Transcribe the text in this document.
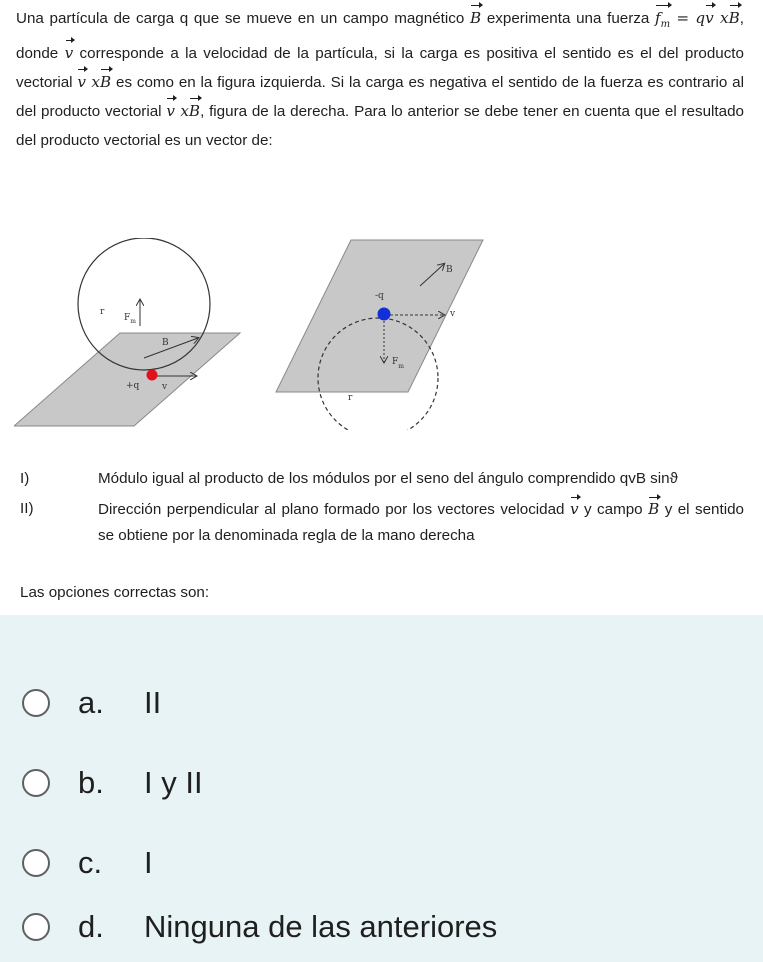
Una partícula de carga q que se mueve en un campo magnético B experimenta una fuerza $f_m$ = qv xB, donde v corresponde a la velocidad de la partícula, si la carga es positiva el sentido es el del producto vectorial v xB es como en la figura izquierda. Si la carga es negativa el sentido de la fuerza es contrario al del producto vectorial v xB, figura de la derecha. Para lo anterior se debe tener en cuenta que el resultado del producto vectorial es un vector de:
r
$F_m$
B
+q	v
B
-q
v
$F_m$
r
I)	Módulo igual al producto de los módulos por el seno del ángulo comprendido qvB sinϑ
II)	Dirección perpendicular al plano formado por los vectores velocidad v y campo B y el sentido se obtiene por la denominada regla de la mano derecha
Las opciones correctas son:
a.	II
b.	I y II
c.	I
d.	Ninguna de las anteriores
